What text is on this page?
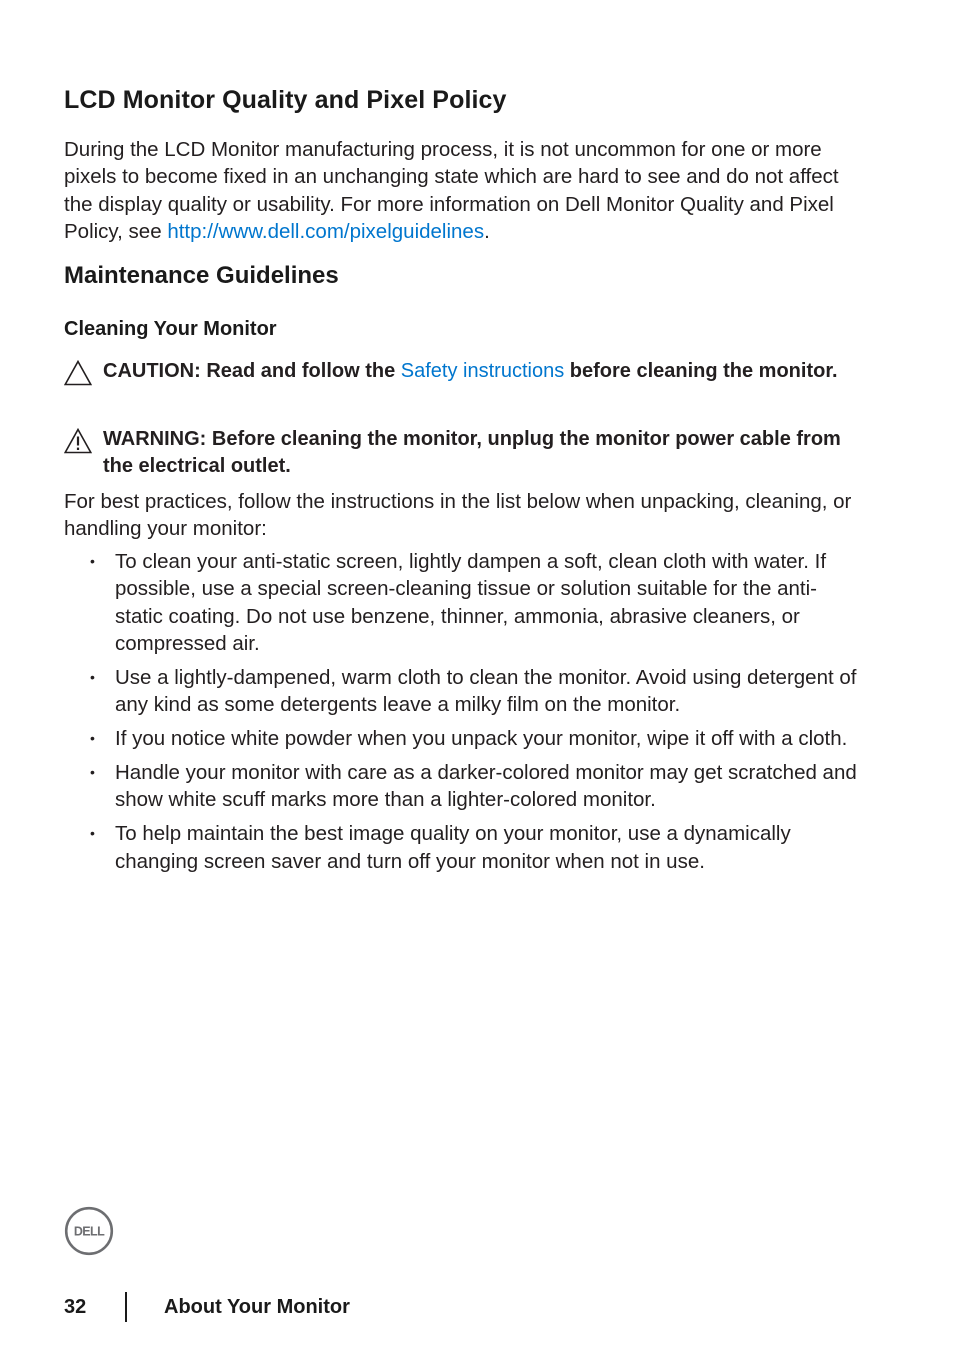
LCD Monitor Quality and Pixel Policy

During the LCD Monitor manufacturing process, it is not uncommon for one or more pixels to become fixed in an unchanging state which are hard to see and do not affect the display quality or usability. For more information on Dell Monitor Quality and Pixel Policy, see http://www.dell.com/pixelguidelines.

Maintenance Guidelines
Cleaning Your Monitor
CAUTION: Read and follow the Safety instructions before cleaning the monitor.
WARNING: Before cleaning the monitor, unplug the monitor power cable from the electrical outlet.

For best practices, follow the instructions in the list below when unpacking, cleaning, or handling your monitor:

• To clean your anti-static screen, lightly dampen a soft, clean cloth with water. If possible, use a special screen-cleaning tissue or solution suitable for the anti-static coating. Do not use benzene, thinner, ammonia, abrasive cleaners, or compressed air.
• Use a lightly-dampened, warm cloth to clean the monitor. Avoid using detergent of any kind as some detergents leave a milky film on the monitor.
• If you notice white powder when you unpack your monitor, wipe it off with a cloth.
• Handle your monitor with care as a darker-colored monitor may get scratched and show white scuff marks more than a lighter-colored monitor.
• To help maintain the best image quality on your monitor, use a dynamically changing screen saver and turn off your monitor when not in use.
DELL
32	About Your Monitor
